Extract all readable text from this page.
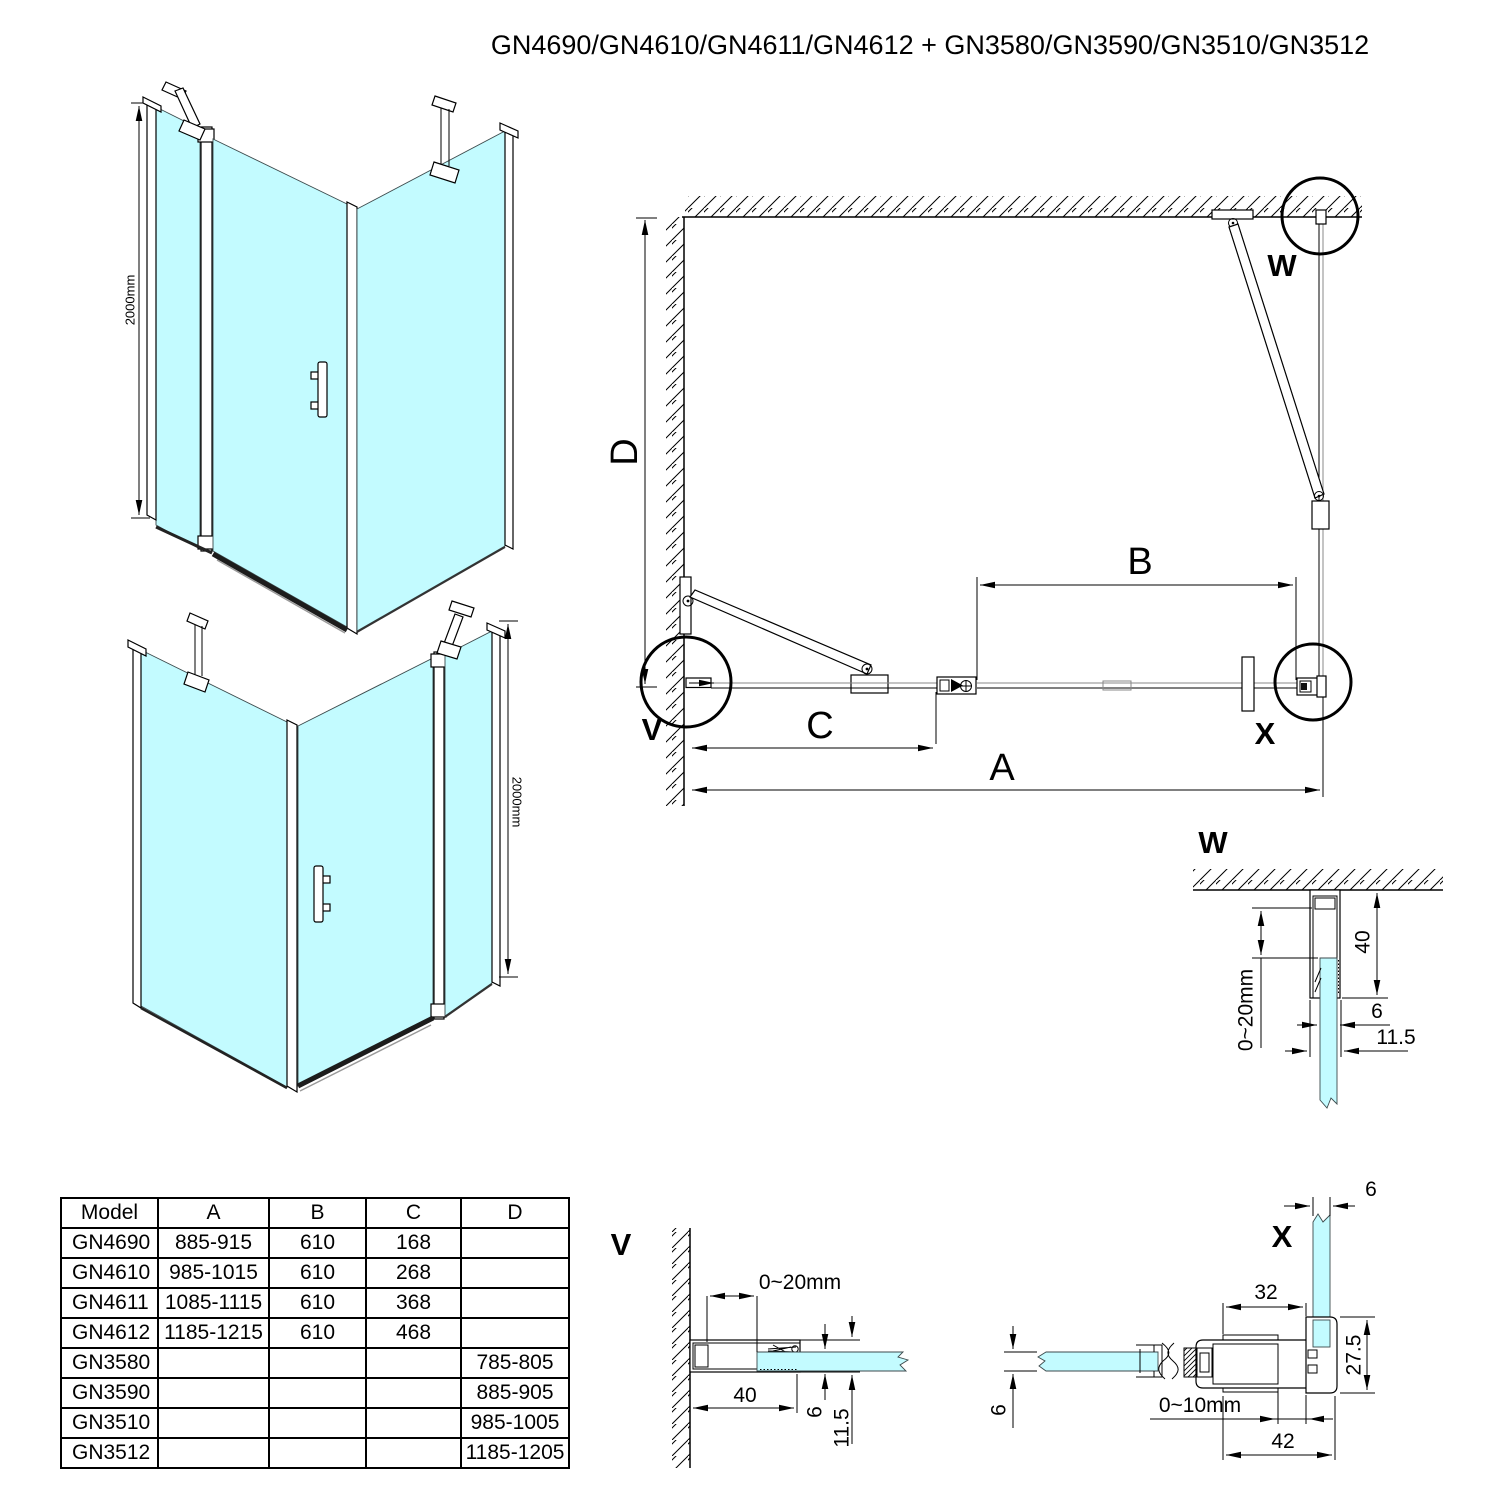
GN4690/GN4610/GN4611/GN4612 + GN3580/GN3590/GN3510/GN3512
2000mm
2000mm
V
W
X
D
B
C
A
W
40
0~20mm	6
11.5
V
0~20mm
40
6 11.5
X
6
32
27.5
0~10mm
42
6
Model	A	B	C	D
GN4690	885-915	610	168	
GN4610	985-1015	610	268	
GN4611	1085-1115	610	368	
GN4612	1185-1215	610	468	
GN3580				785-805
GN3590				885-905
GN3510				985-1005
GN3512				1185-1205
